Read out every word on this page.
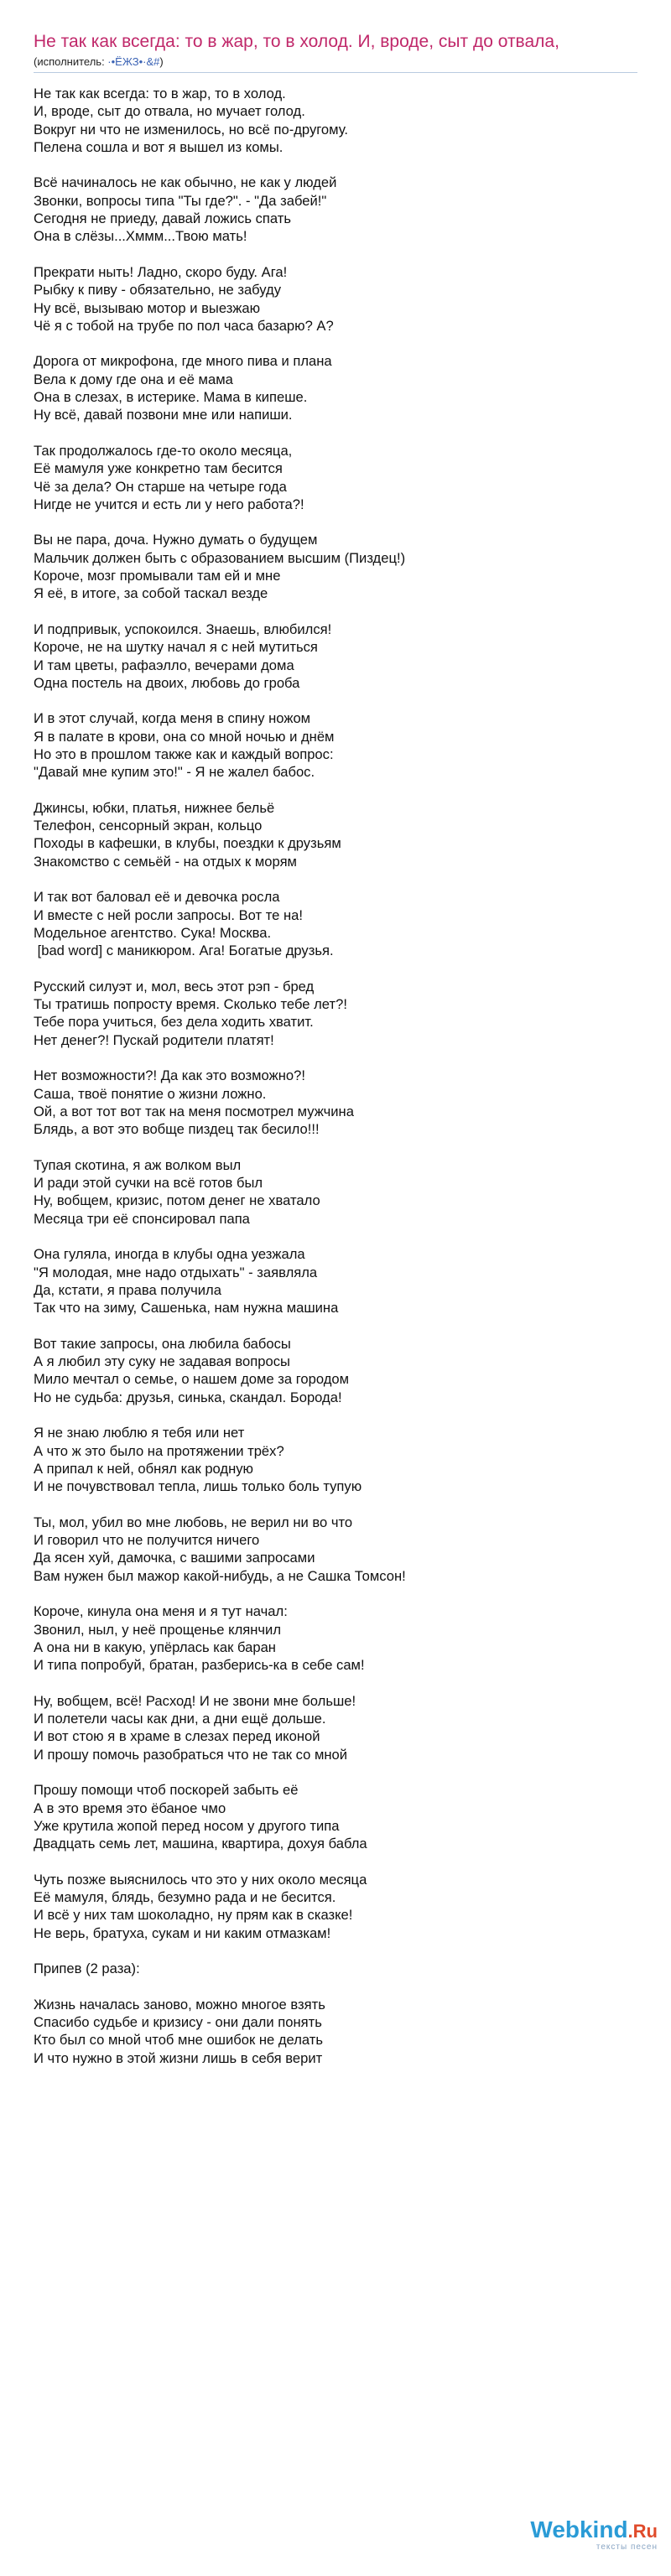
Не так как всегда: то в жар, то в холод. И, вроде, сыт до отвала,
(исполнитель: ·•ЁЖЗ•·&#)
Не так как всегда: то в жар, то в холод.
И, вроде, сыт до отвала, но мучает голод.
Вокруг ни что не изменилось, но всё по-другому.
Пелена сошла и вот я вышел из комы.
Всё начиналось не как обычно, не как у людей
Звонки, вопросы типа "Ты где?". - "Да забей!"
Сегодня не приеду, давай ложись спать
Она в слёзы...Хммм...Твою мать!
Прекрати ныть! Ладно, скоро буду. Ага!
Рыбку к пиву - обязательно, не забуду
Ну всё, вызываю мотор и выезжаю
Чё я с тобой на трубе по пол часа базарю? А?
Дорога от микрофона, где много пива и плана
Вела к дому где она и её мама
Она в слезах, в истерике. Мама в кипеше.
Ну всё, давай позвони мне или напиши.
Так продолжалось где-то около месяца,
Её мамуля уже конкретно там бесится
Чё за дела? Он старше на четыре года
Нигде не учится и есть ли у него работа?!
Вы не пара, доча. Нужно думать о будущем
Мальчик должен быть с образованием высшим (Пиздец!)
Короче, мозг промывали там ей и мне
Я её, в итоге, за собой таскал везде
И подпривык, успокоился. Знаешь, влюбился!
Короче, не на шутку начал я с ней мутиться
И там цветы, рафаэлло, вечерами дома
Одна постель на двоих, любовь до гроба
И в этот случай, когда меня в спину ножом
Я в палате в крови, она со мной ночью и днём
Но это в прошлом также как и каждый вопрос:
"Давай мне купим это!" - Я не жалел бабос.
Джинсы, юбки, платья, нижнее бельё
Телефон, сенсорный экран, кольцо
Походы в кафешки, в клубы, поездки к друзьям
Знакомство с семьёй - на отдых к морям
И так вот баловал её и девочка росла
И вместе с ней росли запросы. Вот те на!
Модельное агентство. Сука! Москва.
[bad word] с маникюром. Ага! Богатые друзья.
Русский силуэт и, мол, весь этот рэп - бред
Ты тратишь попросту время. Сколько тебе лет?!
Тебе пора учиться, без дела ходить хватит.
Нет денег?! Пускай родители платят!
Нет возможности?! Да как это возможно?!
Саша, твоё понятие о жизни ложно.
Ой, а вот тот вот так на меня посмотрел мужчина
Блядь, а вот это вобще пиздец так бесило!!!
Тупая скотина, я аж волком выл
И ради этой сучки на всё готов был
Ну, вобщем, кризис, потом денег не хватало
Месяца три её спонсировал папа
Она гуляла, иногда в клубы одна уезжала
"Я молодая, мне надо отдыхать" - заявляла
Да, кстати, я права получила
Так что на зиму, Сашенька, нам нужна машина
Вот такие запросы, она любила бабосы
А я любил эту суку не задавая вопросы
Мило мечтал о семье, о нашем доме за городом
Но не судьба: друзья, синька, скандал. Борода!
Я не знаю люблю я тебя или нет
А что ж это было на протяжении трёх?
А припал к ней, обнял как родную
И не почувствовал тепла, лишь только боль тупую
Ты, мол, убил во мне любовь, не верил ни во что
И говорил что не получится ничего
Да ясен хуй, дамочка, с вашими запросами
Вам нужен был мажор какой-нибудь, а не Сашка Томсон!
Короче, кинула она меня и я тут начал:
Звонил, ныл, у неё прощенье клянчил
А она ни в какую, упёрлась как баран
И типа попробуй, братан, разберись-ка в себе сам!
Ну, вобщем, всё! Расход! И не звони мне больше!
И полетели часы как дни, а дни ещё дольше.
И вот стою я в храме в слезах перед иконой
И прошу помочь разобраться что не так со мной
Прошу помощи чтоб поскорей забыть её
А в это время это ёбаное чмо
Уже крутила жопой перед носом у другого типа
Двадцать семь лет, машина, квартира, дохуя бабла
Чуть позже выяснилось что это у них около месяца
Её мамуля, блядь, безумно рада и не бесится.
И всё у них там шоколадно, ну прям как в сказке!
Не верь, братуха, сукам и ни каким отмазкам!
Припев (2 раза):
Жизнь началась заново, можно многое взять
Спасибо судьбе и кризису - они дали понять
Кто был со мной чтоб мне ошибок не делать
И что нужно в этой жизни лишь в себя верит
Webkind.Ru
тексты песен
